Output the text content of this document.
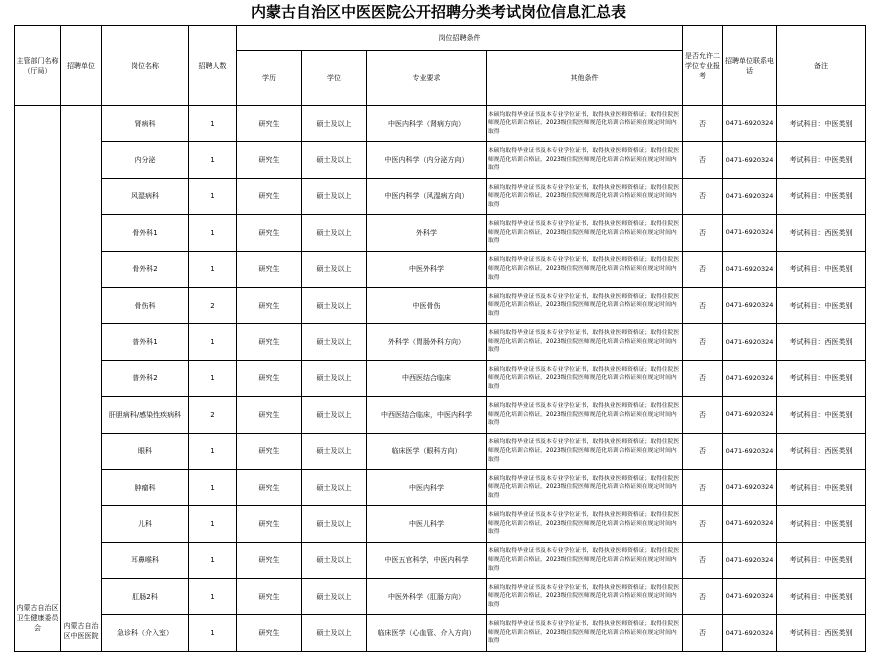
内蒙古自治区中医医院公开招聘分类考试岗位信息汇总表
主管部门名称（厅局）	招聘单位	岗位名称	招聘人数	岗位招聘条件				是否允许二学位专业报考	招聘单位联系电话	备注
				学历	学位	专业要求	其他条件			
内蒙古自治区卫生健康委员会	内蒙古自治区中医医院	肾病科	1	研究生	硕士及以上	中医内科学（肾病方向）	本硕均取得毕业证书及本专业学位证书，取得执业医师资格证；取得住院医师规范化培训合格证，2023级住院医师规范化培训合格证须在规定时间内取得	否	0471-6920324	考试科目：中医类别
		内分泌	1	研究生	硕士及以上	中医内科学（内分泌方向）	本硕均取得毕业证书及本专业学位证书，取得执业医师资格证；取得住院医师规范化培训合格证，2023级住院医师规范化培训合格证须在规定时间内取得	否	0471-6920324	考试科目：中医类别
		风湿病科	1	研究生	硕士及以上	中医内科学（风湿病方向）	本硕均取得毕业证书及本专业学位证书，取得执业医师资格证；取得住院医师规范化培训合格证，2023级住院医师规范化培训合格证须在规定时间内取得	否	0471-6920324	考试科目：中医类别
		骨外科1	1	研究生	硕士及以上	外科学	本硕均取得毕业证书及本专业学位证书，取得执业医师资格证；取得住院医师规范化培训合格证，2023级住院医师规范化培训合格证须在规定时间内取得	否	0471-6920324	考试科目：西医类别
		骨外科2	1	研究生	硕士及以上	中医外科学	本硕均取得毕业证书及本专业学位证书，取得执业医师资格证；取得住院医师规范化培训合格证，2023级住院医师规范化培训合格证须在规定时间内取得	否	0471-6920324	考试科目：中医类别
		骨伤科	2	研究生	硕士及以上	中医骨伤	本硕均取得毕业证书及本专业学位证书，取得执业医师资格证；取得住院医师规范化培训合格证，2023级住院医师规范化培训合格证须在规定时间内取得	否	0471-6920324	考试科目：中医类别
		普外科1	1	研究生	硕士及以上	外科学（胃肠外科方向）	本硕均取得毕业证书及本专业学位证书，取得执业医师资格证；取得住院医师规范化培训合格证，2023级住院医师规范化培训合格证须在规定时间内取得	否	0471-6920324	考试科目：西医类别
		普外科2	1	研究生	硕士及以上	中西医结合临床	本硕均取得毕业证书及本专业学位证书，取得执业医师资格证；取得住院医师规范化培训合格证，2023级住院医师规范化培训合格证须在规定时间内取得	否	0471-6920324	考试科目：中医类别
		肝胆病科/感染性疾病科	2	研究生	硕士及以上	中西医结合临床，中医内科学	本硕均取得毕业证书及本专业学位证书，取得执业医师资格证；取得住院医师规范化培训合格证，2023级住院医师规范化培训合格证须在规定时间内取得	否	0471-6920324	考试科目：中医类别
		眼科	1	研究生	硕士及以上	临床医学（眼科方向）	本硕均取得毕业证书及本专业学位证书，取得执业医师资格证；取得住院医师规范化培训合格证，2023级住院医师规范化培训合格证须在规定时间内取得	否	0471-6920324	考试科目：西医类别
		肿瘤科	1	研究生	硕士及以上	中医内科学	本硕均取得毕业证书及本专业学位证书，取得执业医师资格证；取得住院医师规范化培训合格证，2023级住院医师规范化培训合格证须在规定时间内取得	否	0471-6920324	考试科目：中医类别
		儿科	1	研究生	硕士及以上	中医儿科学	本硕均取得毕业证书及本专业学位证书，取得执业医师资格证；取得住院医师规范化培训合格证，2023级住院医师规范化培训合格证须在规定时间内取得	否	0471-6920324	考试科目：中医类别
		耳鼻喉科	1	研究生	硕士及以上	中医五官科学，中医内科学	本硕均取得毕业证书及本专业学位证书，取得执业医师资格证；取得住院医师规范化培训合格证，2023级住院医师规范化培训合格证须在规定时间内取得	否	0471-6920324	考试科目：中医类别
		肛肠2科	1	研究生	硕士及以上	中医外科学（肛肠方向）	本硕均取得毕业证书及本专业学位证书，取得执业医师资格证；取得住院医师规范化培训合格证，2023级住院医师规范化培训合格证须在规定时间内取得	否	0471-6920324	考试科目：中医类别
		急诊科（介入室）	1	研究生	硕士及以上	临床医学（心血管、介入方向）	本硕均取得毕业证书及本专业学位证书，取得执业医师资格证；取得住院医师规范化培训合格证，2023级住院医师规范化培训合格证须在规定时间内取得	否	0471-6920324	考试科目：西医类别
